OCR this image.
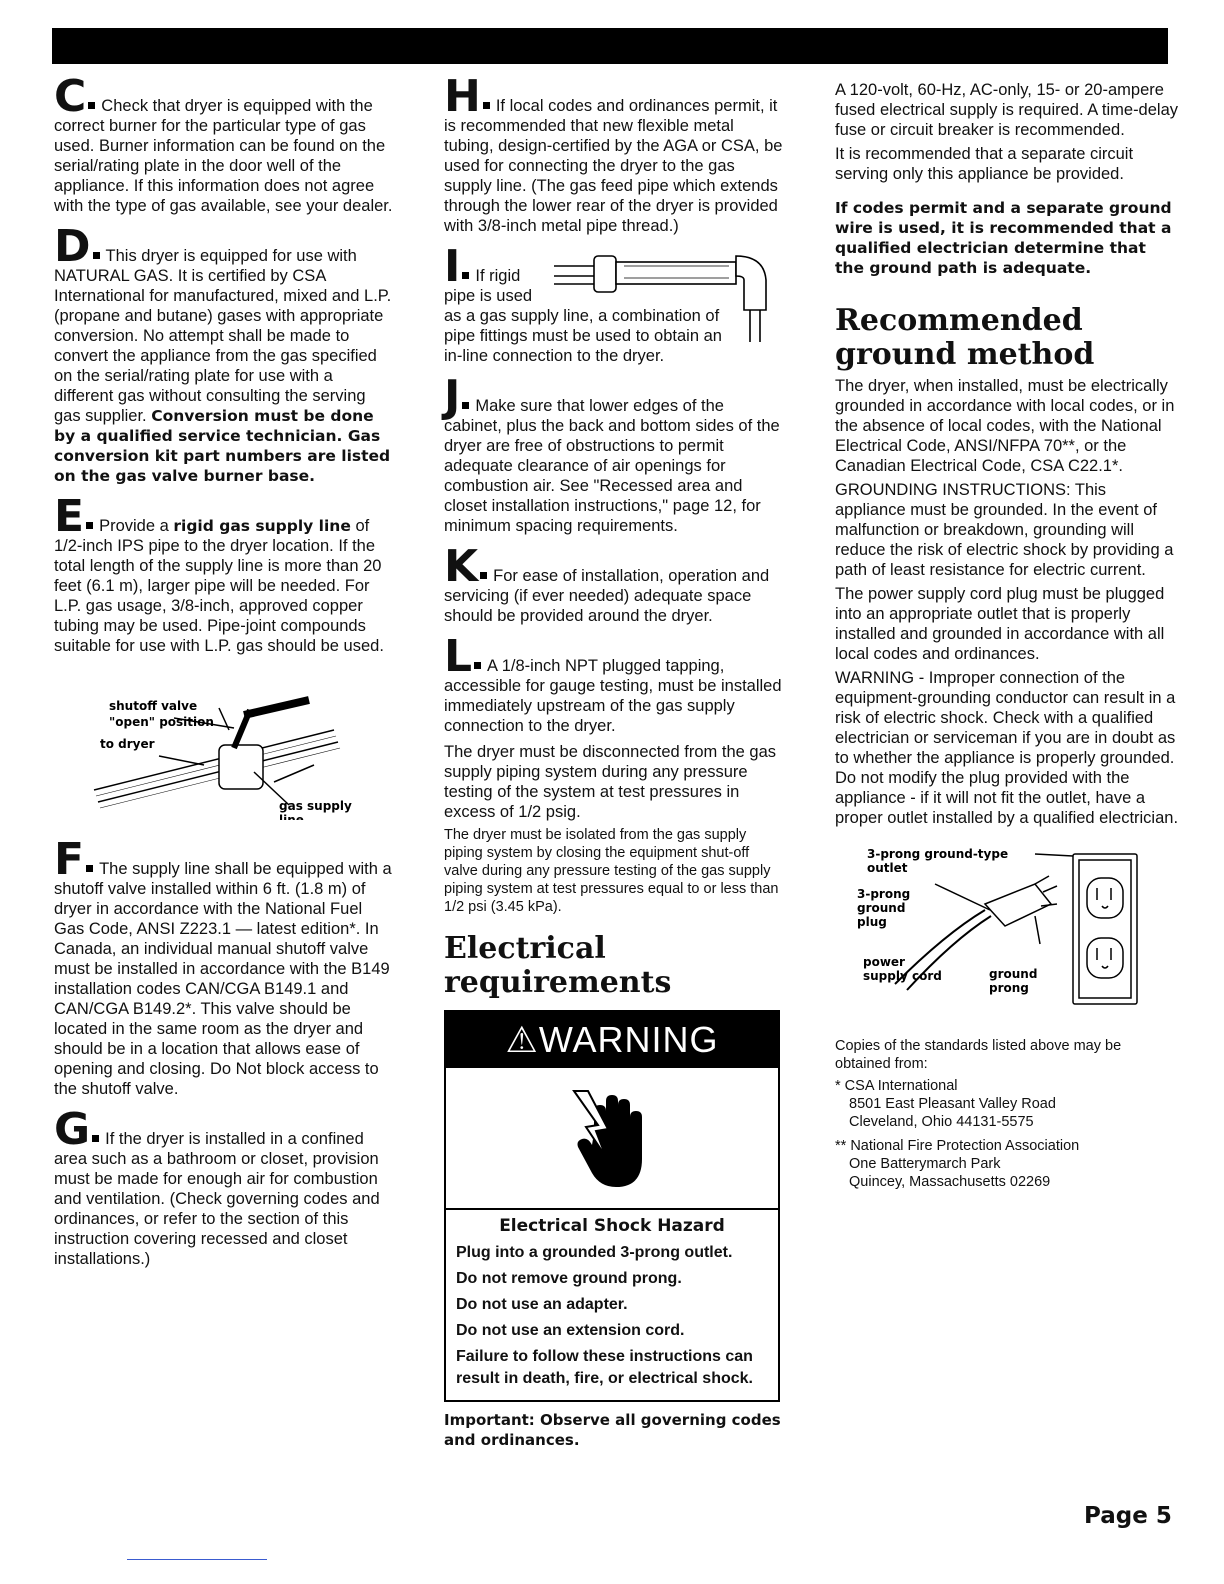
C Check that dryer is equipped with the correct burner for the particular type of gas used. Burner information can be found on the serial/rating plate in the door well of the appliance. If this information does not agree with the type of gas available, see your dealer.
D This dryer is equipped for use with NATURAL GAS. It is certified by CSA International for manufactured, mixed and L.P. (propane and butane) gases with appropriate conversion. No attempt shall be made to convert the appliance from the gas specified on the serial/rating plate for use with a different gas without consulting the serving gas supplier. Conversion must be done by a qualified service technician. Gas conversion kit part numbers are listed on the gas valve burner base.
E Provide a rigid gas supply line of 1/2-inch IPS pipe to the dryer location. If the total length of the supply line is more than 20 feet (6.1 m), larger pipe will be needed. For L.P. gas usage, 3/8-inch, approved copper tubing may be used. Pipe-joint compounds suitable for use with L.P. gas should be used.
shutoff valve
"open" position
to dryer
gas supply
line
F The supply line shall be equipped with a shutoff valve installed within 6 ft. (1.8 m) of dryer in accordance with the National Fuel Gas Code, ANSI Z223.1 — latest edition*. In Canada, an individual manual shutoff valve must be installed in accordance with the B149 installation codes CAN/CGA B149.1 and CAN/CGA B149.2*. This valve should be located in the same room as the dryer and should be in a location that allows ease of opening and closing. Do Not block access to the shutoff valve.
G If the dryer is installed in a confined area such as a bathroom or closet, provision must be made for enough air for combustion and ventilation. (Check governing codes and ordinances, or refer to the section of this instruction covering recessed and closet installations.)
H If local codes and ordinances permit, it is recommended that new flexible metal tubing, design-certified by the AGA or CSA, be used for connecting the dryer to the gas supply line. (The gas feed pipe which extends through the lower rear of the dryer is provided with 3/8-inch metal pipe thread.)
I If rigid
pipe is used
as a gas supply line, a combination of pipe fittings must be used to obtain an in-line connection to the dryer.
J Make sure that lower edges of the cabinet, plus the back and bottom sides of the dryer are free of obstructions to permit adequate clearance of air openings for combustion air. See "Recessed area and closet installation instructions," page 12, for minimum spacing requirements.
K For ease of installation, operation and servicing (if ever needed) adequate space should be provided around the dryer.
L A 1/8-inch NPT plugged tapping, accessible for gauge testing, must be installed immediately upstream of the gas supply connection to the dryer.

The dryer must be disconnected from the gas supply piping system during any pressure testing of the system at test pressures in excess of 1/2 psig.

The dryer must be isolated from the gas supply piping system by closing the equipment shut-off valve during any pressure testing of the gas supply piping system at test pressures equal to or less than 1/2 psi (3.45 kPa).

Electrical
requirements
⚠WARNING
Electrical Shock Hazard

Plug into a grounded 3-prong outlet.

Do not remove ground prong.

Do not use an adapter.

Do not use an extension cord.

Failure to follow these instructions can result in death, fire, or electrical shock.

Important: Observe all governing codes and ordinances.

A 120-volt, 60-Hz, AC-only, 15- or 20-ampere fused electrical supply is required. A time-delay fuse or circuit breaker is recommended.

It is recommended that a separate circuit serving only this appliance be provided.

If codes permit and a separate ground wire is used, it is recommended that a qualified electrician determine that the ground path is adequate.

Recommended
ground method

The dryer, when installed, must be electrically grounded in accordance with local codes, or in the absence of local codes, with the National Electrical Code, ANSI/NFPA 70**, or the Canadian Electrical Code, CSA C22.1*.

GROUNDING INSTRUCTIONS: This appliance must be grounded. In the event of malfunction or breakdown, grounding will reduce the risk of electric shock by providing a path of least resistance for electric current.

The power supply cord plug must be plugged into an appropriate outlet that is properly installed and grounded in accordance with all local codes and ordinances.

WARNING - Improper connection of the equipment-grounding conductor can result in a risk of electric shock. Check with a qualified electrician or serviceman if you are in doubt as to whether the appliance is properly grounded. Do not modify the plug provided with the appliance - if it will not fit the outlet, have a proper outlet installed by a qualified electrician.

3-prong ground-type
outlet
3-prong
ground
plug
power
supply cord	ground
prong

Copies of the standards listed above may be obtained from:

* CSA International
8501 East Pleasant Valley Road
Cleveland, Ohio 44131-5575
** National Fire Protection Association
One Batterymarch Park
Quincey, Massachusetts 02269
Page 5
